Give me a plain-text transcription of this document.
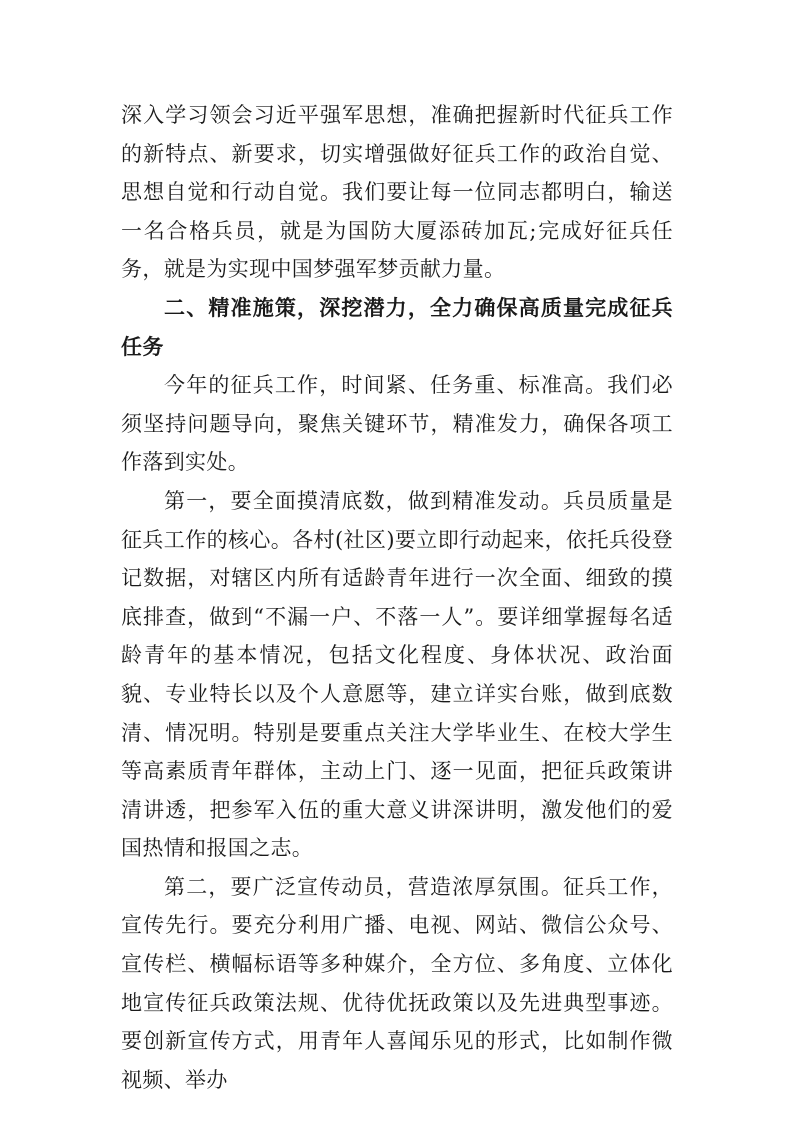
深入学习领会习近平强军思想，准确把握新时代征兵工作的新特点、新要求，切实增强做好征兵工作的政治自觉、思想自觉和行动自觉。我们要让每一位同志都明白，输送一名合格兵员，就是为国防大厦添砖加瓦;完成好征兵任务，就是为实现中国梦强军梦贡献力量。

二、精准施策，深挖潜力，全力确保高质量完成征兵任务

今年的征兵工作，时间紧、任务重、标准高。我们必须坚持问题导向，聚焦关键环节，精准发力，确保各项工作落到实处。

第一，要全面摸清底数，做到精准发动。兵员质量是征兵工作的核心。各村(社区)要立即行动起来，依托兵役登记数据，对辖区内所有适龄青年进行一次全面、细致的摸底排查，做到“不漏一户、不落一人”。要详细掌握每名适龄青年的基本情况，包括文化程度、身体状况、政治面貌、专业特长以及个人意愿等，建立详实台账，做到底数清、情况明。特别是要重点关注大学毕业生、在校大学生等高素质青年群体，主动上门、逐一见面，把征兵政策讲清讲透，把参军入伍的重大意义讲深讲明，激发他们的爱国热情和报国之志。

第二，要广泛宣传动员，营造浓厚氛围。征兵工作，宣传先行。要充分利用广播、电视、网站、微信公众号、宣传栏、横幅标语等多种媒介，全方位、多角度、立体化地宣传征兵政策法规、优待优抚政策以及先进典型事迹。要创新宣传方式，用青年人喜闻乐见的形式，比如制作微视频、举办
